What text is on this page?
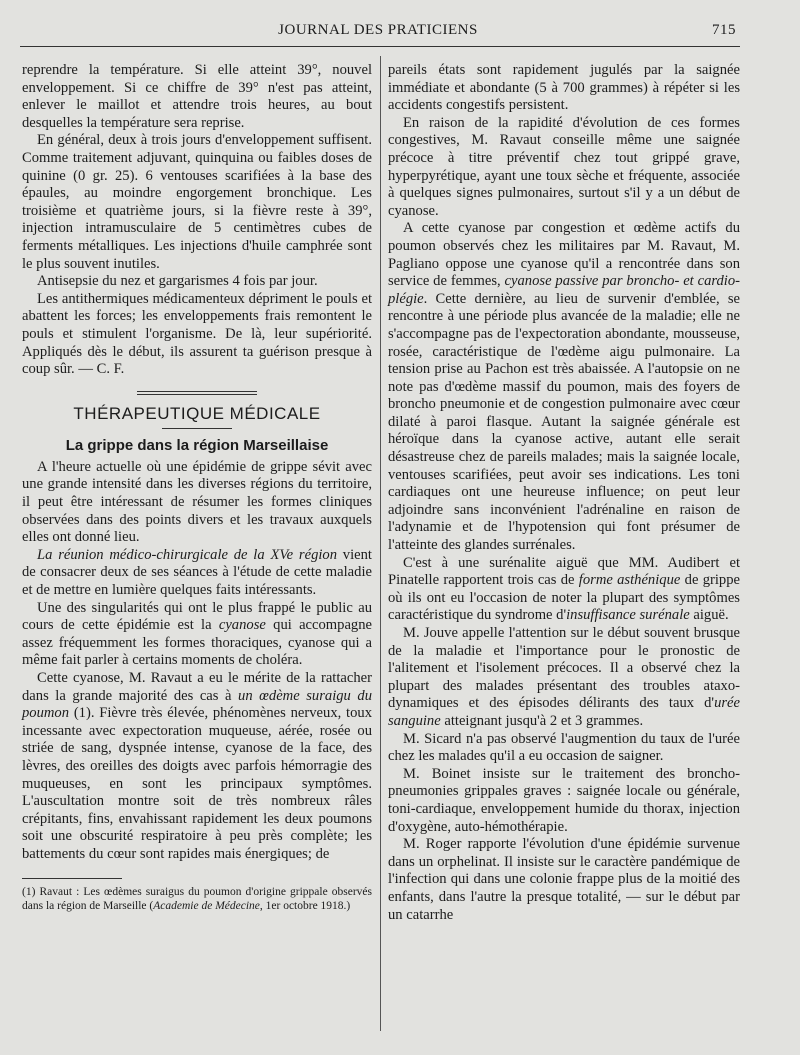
JOURNAL DES PRATICIENS	715

reprendre la température. Si elle atteint 39°, nouvel enveloppement. Si ce chiffre de 39° n'est pas atteint, enlever le maillot et attendre trois heures, au bout desquelles la température sera reprise.

En général, deux à trois jours d'enveloppement suffisent. Comme traitement adjuvant, quinquina ou faibles doses de quinine (0 gr. 25). 6 ventouses scarifiées à la base des épaules, au moindre engorgement bronchique. Les troisième et quatrième jours, si la fièvre reste à 39°, injection intramusculaire de 5 centimètres cubes de ferments métalliques. Les injections d'huile camphrée sont le plus souvent inutiles.

Antisepsie du nez et gargarismes 4 fois par jour.

Les antithermiques médicamenteux dépriment le pouls et abattent les forces; les enveloppements frais remontent le pouls et stimulent l'organisme. De là, leur supériorité. Appliqués dès le début, ils assurent ta guérison presque à coup sûr. — C. F.

THÉRAPEUTIQUE MÉDICALE
La grippe dans la région Marseillaise

A l'heure actuelle où une épidémie de grippe sévit avec une grande intensité dans les diverses régions du territoire, il peut être intéressant de résumer les formes cliniques observées dans des points divers et les travaux auxquels elles ont donné lieu.

La réunion médico-chirurgicale de la XVe région vient de consacrer deux de ses séances à l'étude de cette maladie et de mettre en lumière quelques faits intéressants.

Une des singularités qui ont le plus frappé le public au cours de cette épidémie est la cyanose qui accompagne assez fréquemment les formes thoraciques, cyanose qui a même fait parler à certains moments de choléra.

Cette cyanose, M. Ravaut a eu le mérite de la rattacher dans la grande majorité des cas à un œdème suraigu du poumon (1). Fièvre très élevée, phénomènes nerveux, toux incessante avec expectoration muqueuse, aérée, rosée ou striée de sang, dyspnée intense, cyanose de la face, des lèvres, des oreilles des doigts avec parfois hémorragie des muqueuses, en sont les principaux symptômes. L'auscultation montre soit de très nombreux râles crépitants, fins, envahissant rapidement les deux poumons soit une obscurité respiratoire à peu près complète; les battements du cœur sont rapides mais énergiques; de

(1) Ravaut : Les œdèmes suraigus du poumon d'origine grippale observés dans la région de Marseille (Academie de Médecine, 1er octobre 1918.)

pareils états sont rapidement jugulés par la saignée immédiate et abondante (5 à 700 grammes) à répéter si les accidents congestifs persistent.

En raison de la rapidité d'évolution de ces formes congestives, M. Ravaut conseille même une saignée précoce à titre préventif chez tout grippé grave, hyperpyrétique, ayant une toux sèche et fréquente, associée à quelques signes pulmonaires, surtout s'il y a un début de cyanose.

A cette cyanose par congestion et œdème actifs du poumon observés chez les militaires par M. Ravaut, M. Pagliano oppose une cyanose qu'il a rencontrée dans son service de femmes, cyanose passive par broncho- et cardio-plégie. Cette dernière, au lieu de survenir d'emblée, se rencontre à une période plus avancée de la maladie; elle ne s'accompagne pas de l'expectoration abondante, mousseuse, rosée, caractéristique de l'œdème aigu pulmonaire. La tension prise au Pachon est très abaissée. A l'autopsie on ne note pas d'œdème massif du poumon, mais des foyers de broncho pneumonie et de congestion pulmonaire avec cœur dilaté à paroi flasque. Autant la saignée générale est héroïque dans la cyanose active, autant elle serait désastreuse chez de pareils malades; mais la saignée locale, ventouses scarifiées, peut avoir ses indications. Les toni cardiaques ont une heureuse influence; on peut leur adjoindre sans inconvénient l'adrénaline en raison de l'adynamie et de l'hypotension qui font présumer de l'atteinte des glandes surrénales.

C'est à une surénalite aiguë que MM. Audibert et Pinatelle rapportent trois cas de forme asthénique de grippe où ils ont eu l'occasion de noter la plupart des symptômes caractéristique du syndrome d'insuffisance surénale aiguë.

M. Jouve appelle l'attention sur le début souvent brusque de la maladie et l'importance pour le pronostic de l'alitement et l'isolement précoces. Il a observé chez la plupart des malades présentant des troubles ataxo-dynamiques et des épisodes délirants des taux d'urée sanguine atteignant jusqu'à 2 et 3 grammes.

M. Sicard n'a pas observé l'augmention du taux de l'urée chez les malades qu'il a eu occasion de saigner.

M. Boinet insiste sur le traitement des broncho-pneumonies grippales graves : saignée locale ou générale, toni-cardiaque, enveloppement humide du thorax, injection d'oxygène, auto-hémothérapie.

M. Roger rapporte l'évolution d'une épidémie survenue dans un orphelinat. Il insiste sur le caractère pandémique de l'infection qui dans une colonie frappe plus de la moitié des enfants, dans l'autre la presque totalité, — sur le début par un catarrhe
